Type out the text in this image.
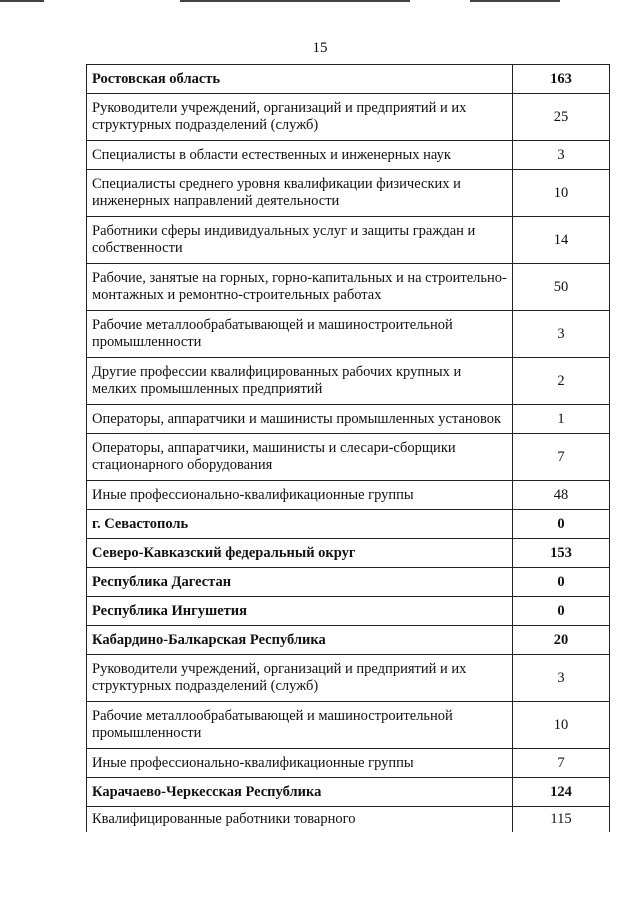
15
Ростовская область	163
Руководители учреждений, организаций и предприятий и их структурных подразделений (служб)	25
Специалисты в области естественных и инженерных наук	3
Специалисты среднего уровня квалификации физических и инженерных направлений деятельности	10
Работники сферы индивидуальных услуг и защиты граждан и собственности	14
Рабочие, занятые на горных, горно-капитальных и на строительно-монтажных и ремонтно-строительных работах	50
Рабочие металлообрабатывающей и машиностроительной промышленности	3
Другие профессии квалифицированных рабочих крупных и мелких промышленных предприятий	2
Операторы, аппаратчики и машинисты промышленных установок	1
Операторы, аппаратчики, машинисты и слесари-сборщики стационарного оборудования	7
Иные профессионально-квалификационные группы	48
г. Севастополь	0
Северо-Кавказский федеральный округ	153
Республика Дагестан	0
Республика Ингушетия	0
Кабардино-Балкарская Республика	20
Руководители учреждений, организаций и предприятий и их структурных подразделений (служб)	3
Рабочие металлообрабатывающей и машиностроительной промышленности	10
Иные профессионально-квалификационные группы	7
Карачаево-Черкесская Республика	124
Квалифицированные работники товарного	115
